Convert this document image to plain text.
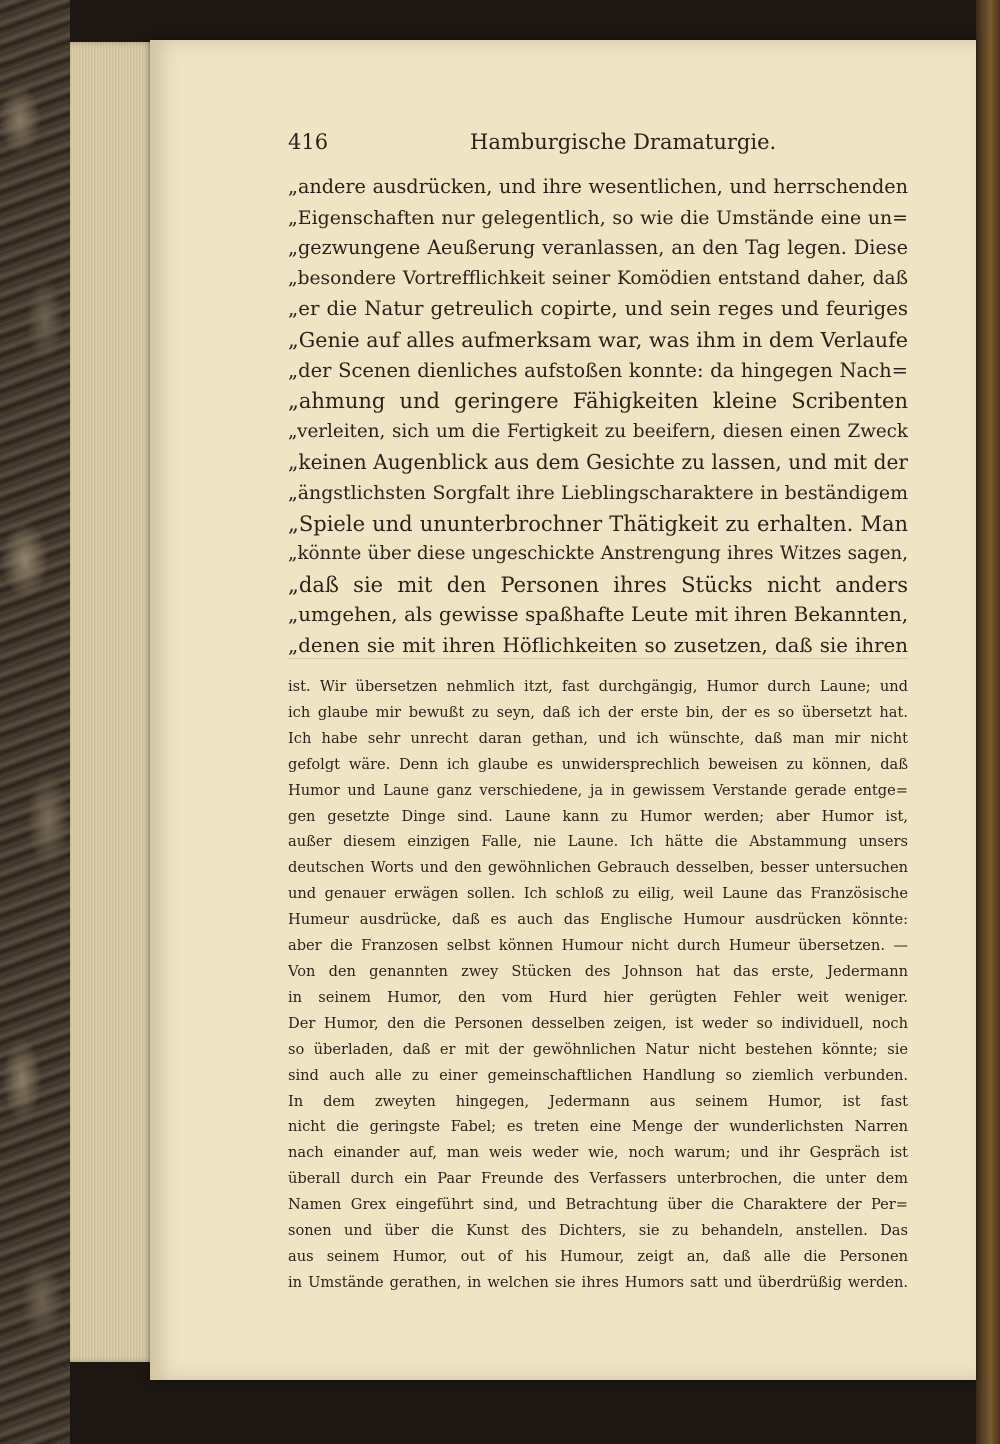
416	Hamburgische Dramaturgie.
„andere ausdrücken, und ihre wesentlichen, und herrschenden
„Eigenschaften nur gelegentlich, so wie die Umstände eine un=
„gezwungene Aeußerung veranlassen, an den Tag legen. Diese
„besondere Vortrefflichkeit seiner Komödien entstand daher, daß
„er die Natur getreulich copirte, und sein reges und feuriges
„Genie auf alles aufmerksam war, was ihm in dem Verlaufe
„der Scenen dienliches aufstoßen konnte: da hingegen Nach=
„ahmung und geringere Fähigkeiten kleine Scribenten
„verleiten, sich um die Fertigkeit zu beeifern, diesen einen Zweck
„keinen Augenblick aus dem Gesichte zu lassen, und mit der
„ängstlichsten Sorgfalt ihre Lieblingscharaktere in beständigem
„Spiele und ununterbrochner Thätigkeit zu erhalten. Man
„könnte über diese ungeschickte Anstrengung ihres Witzes sagen,
„daß sie mit den Personen ihres Stücks nicht anders
„umgehen, als gewisse spaßhafte Leute mit ihren Bekannten,
„denen sie mit ihren Höflichkeiten so zusetzen, daß sie ihren
ist. Wir übersetzen nehmlich itzt, fast durchgängig, Humor durch Laune; und
ich glaube mir bewußt zu seyn, daß ich der erste bin, der es so übersetzt hat.
Ich habe sehr unrecht daran gethan, und ich wünschte, daß man mir nicht
gefolgt wäre. Denn ich glaube es unwidersprechlich beweisen zu können, daß
Humor und Laune ganz verschiedene, ja in gewissem Verstande gerade entge=
gen gesetzte Dinge sind. Laune kann zu Humor werden; aber Humor ist,
außer diesem einzigen Falle, nie Laune. Ich hätte die Abstammung unsers
deutschen Worts und den gewöhnlichen Gebrauch desselben, besser untersuchen
und genauer erwägen sollen. Ich schloß zu eilig, weil Laune das Französische
Humeur ausdrücke, daß es auch das Englische Humour ausdrücken könnte:
aber die Franzosen selbst können Humour nicht durch Humeur übersetzen. —
Von den genannten zwey Stücken des Johnson hat das erste, Jedermann
in seinem Humor, den vom Hurd hier gerügten Fehler weit weniger.
Der Humor, den die Personen desselben zeigen, ist weder so individuell, noch
so überladen, daß er mit der gewöhnlichen Natur nicht bestehen könnte; sie
sind auch alle zu einer gemeinschaftlichen Handlung so ziemlich verbunden.
In dem zweyten hingegen, Jedermann aus seinem Humor, ist fast
nicht die geringste Fabel; es treten eine Menge der wunderlichsten Narren
nach einander auf, man weis weder wie, noch warum; und ihr Gespräch ist
überall durch ein Paar Freunde des Verfassers unterbrochen, die unter dem
Namen Grex eingeführt sind, und Betrachtung über die Charaktere der Per=
sonen und über die Kunst des Dichters, sie zu behandeln, anstellen. Das
aus seinem Humor, out of his Humour, zeigt an, daß alle die Personen
in Umstände gerathen, in welchen sie ihres Humors satt und überdrüßig werden.
